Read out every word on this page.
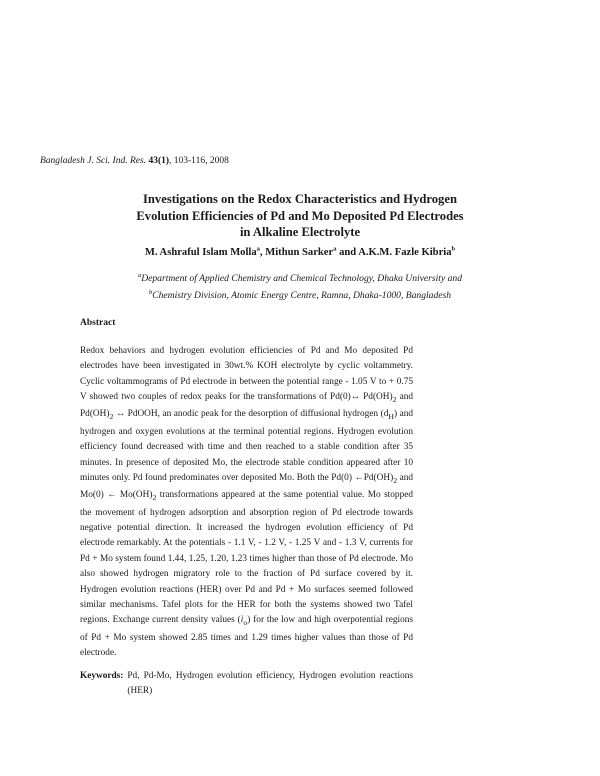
Bangladesh J. Sci. Ind. Res. 43(1), 103-116, 2008
Investigations on the Redox Characteristics and Hydrogen
Evolution Efficiencies of Pd and Mo Deposited Pd Electrodes
in Alkaline Electrolyte
M. Ashraful Islam Molla$^a$, Mithun Sarker$^a$ and A.K.M. Fazle Kibria$^b$
$^a$Department of Applied Chemistry and Chemical Technology, Dhaka University and
$^b$Chemistry Division, Atomic Energy Centre, Ramna, Dhaka-1000, Bangladesh
Abstract
Redox behaviors and hydrogen evolution efficiencies of Pd and Mo deposited Pd electrodes have been investigated in 30wt.% KOH electrolyte by cyclic voltammetry. Cyclic voltammograms of Pd electrode in between the potential range - 1.05 V to + 0.75 V showed two couples of redox peaks for the transformations of Pd(0)↔ $Pd(OH)_2$ and $Pd(OH)_2$ ↔ PdOOH, an anodic peak for the desorption of diffusional hydrogen $(d_H)$ and hydrogen and oxygen evolutions at the terminal potential regions. Hydrogen evolution efficiency found decreased with time and then reached to a stable condition after 35 minutes. In presence of deposited Mo, the electrode stable condition appeared after 10 minutes only. Pd found predominates over deposited Mo. Both the Pd(0) $\leftarrow Pd(OH)_2$ and Mo(0) ← $Mo(OH)_2$ transformations appeared at the same potential value. Mo stopped the movement of hydrogen adsorption and absorption region of Pd electrode towards negative potential direction. It increased the hydrogen evolution efficiency of Pd electrode remarkably. At the potentials - 1.1 V, - 1.2 V, - 1.25 V and - 1.3 V, currents for Pd + Mo system found 1.44, 1.25, 1.20, 1.23 times higher than those of Pd electrode. Mo also showed hydrogen migratory role to the fraction of Pd surface covered by it. Hydrogen evolution reactions (HER) over Pd and Pd + Mo surfaces seemed followed similar mechanisms. Tafel plots for the HER for both the systems showed two Tafel regions. Exchange current density values $(i_o)$ for the low and high overpotential regions of Pd + Mo system showed 2.85 times and 1.29 times higher values than those of Pd electrode.
Keywords: Pd, Pd-Mo, Hydrogen evolution efficiency, Hydrogen evolution reactions (HER)
